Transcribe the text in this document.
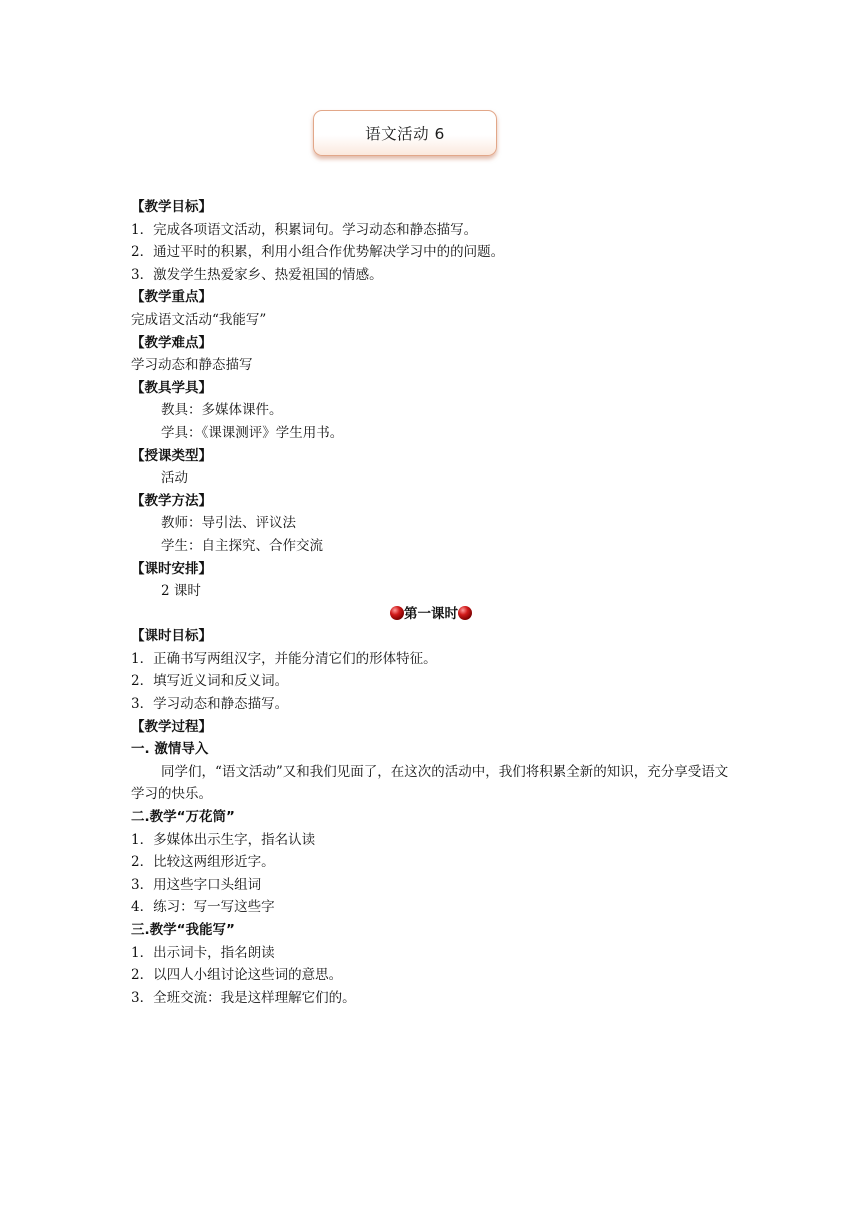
语文活动 6
【教学目标】
1．完成各项语文活动，积累词句。学习动态和静态描写。
2．通过平时的积累，利用小组合作优势解决学习中的的问题。
3．激发学生热爱家乡、热爱祖国的情感。
【教学重点】
完成语文活动“我能写”
【教学难点】
学习动态和静态描写
【教具学具】
教具：多媒体课件。
学具：《课课测评》学生用书。
【授课类型】
活动
【教学方法】
教师：导引法、评议法
学生：自主探究、合作交流
【课时安排】
2 课时
第一课时
【课时目标】
1．正确书写两组汉字，并能分清它们的形体特征。
2．填写近义词和反义词。
3．学习动态和静态描写。
【教学过程】
一. 激情导入
同学们，“语文活动”又和我们见面了，在这次的活动中，我们将积累全新的知识，充分享受语文学习的快乐。
二.教学“万花筒”
1．多媒体出示生字，指名认读
2．比较这两组形近字。
3．用这些字口头组词
4．练习：写一写这些字
三.教学“我能写”
1．出示词卡，指名朗读
2．以四人小组讨论这些词的意思。
3．全班交流：我是这样理解它们的。
